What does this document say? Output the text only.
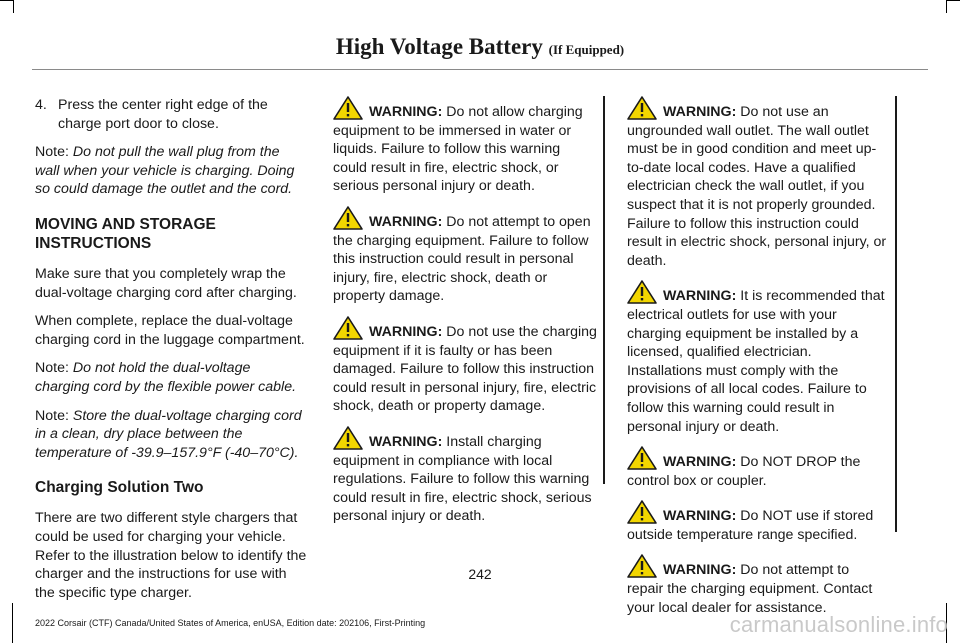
High Voltage Battery (If Equipped)
4. Press the center right edge of the charge port door to close.

Note: Do not pull the wall plug from the wall when your vehicle is charging. Doing so could damage the outlet and the cord.

MOVING AND STORAGE INSTRUCTIONS

Make sure that you completely wrap the dual-voltage charging cord after charging.

When complete, replace the dual-voltage charging cord in the luggage compartment.

Note: Do not hold the dual-voltage charging cord by the flexible power cable.

Note: Store the dual-voltage charging cord in a clean, dry place between the temperature of -39.9–157.9°F (-40–70°C).

Charging Solution Two

There are two different style chargers that could be used for charging your vehicle. Refer to the illustration below to identify the charger and the instructions for use with the specific type charger.

WARNING: Do not allow charging equipment to be immersed in water or liquids. Failure to follow this warning could result in fire, electric shock, or serious personal injury or death.

WARNING: Do not attempt to open the charging equipment. Failure to follow this instruction could result in personal injury, fire, electric shock, death or property damage.

WARNING: Do not use the charging equipment if it is faulty or has been damaged. Failure to follow this instruction could result in personal injury, fire, electric shock, death or property damage.

WARNING: Install charging equipment in compliance with local regulations. Failure to follow this warning could result in fire, electric shock, serious personal injury or death.

WARNING: Do not use an ungrounded wall outlet. The wall outlet must be in good condition and meet up-to-date local codes. Have a qualified electrician check the wall outlet, if you suspect that it is not properly grounded. Failure to follow this instruction could result in electric shock, personal injury, or death.

WARNING: It is recommended that electrical outlets for use with your charging equipment be installed by a licensed, qualified electrician. Installations must comply with the provisions of all local codes. Failure to follow this warning could result in personal injury or death.

WARNING: Do NOT DROP the control box or coupler.

WARNING: Do NOT use if stored outside temperature range specified.

WARNING: Do not attempt to repair the charging equipment. Contact your local dealer for assistance.

242
2022 Corsair (CTF) Canada/United States of America, enUSA, Edition date: 202106, First-Printing	carmanualsonline.info
